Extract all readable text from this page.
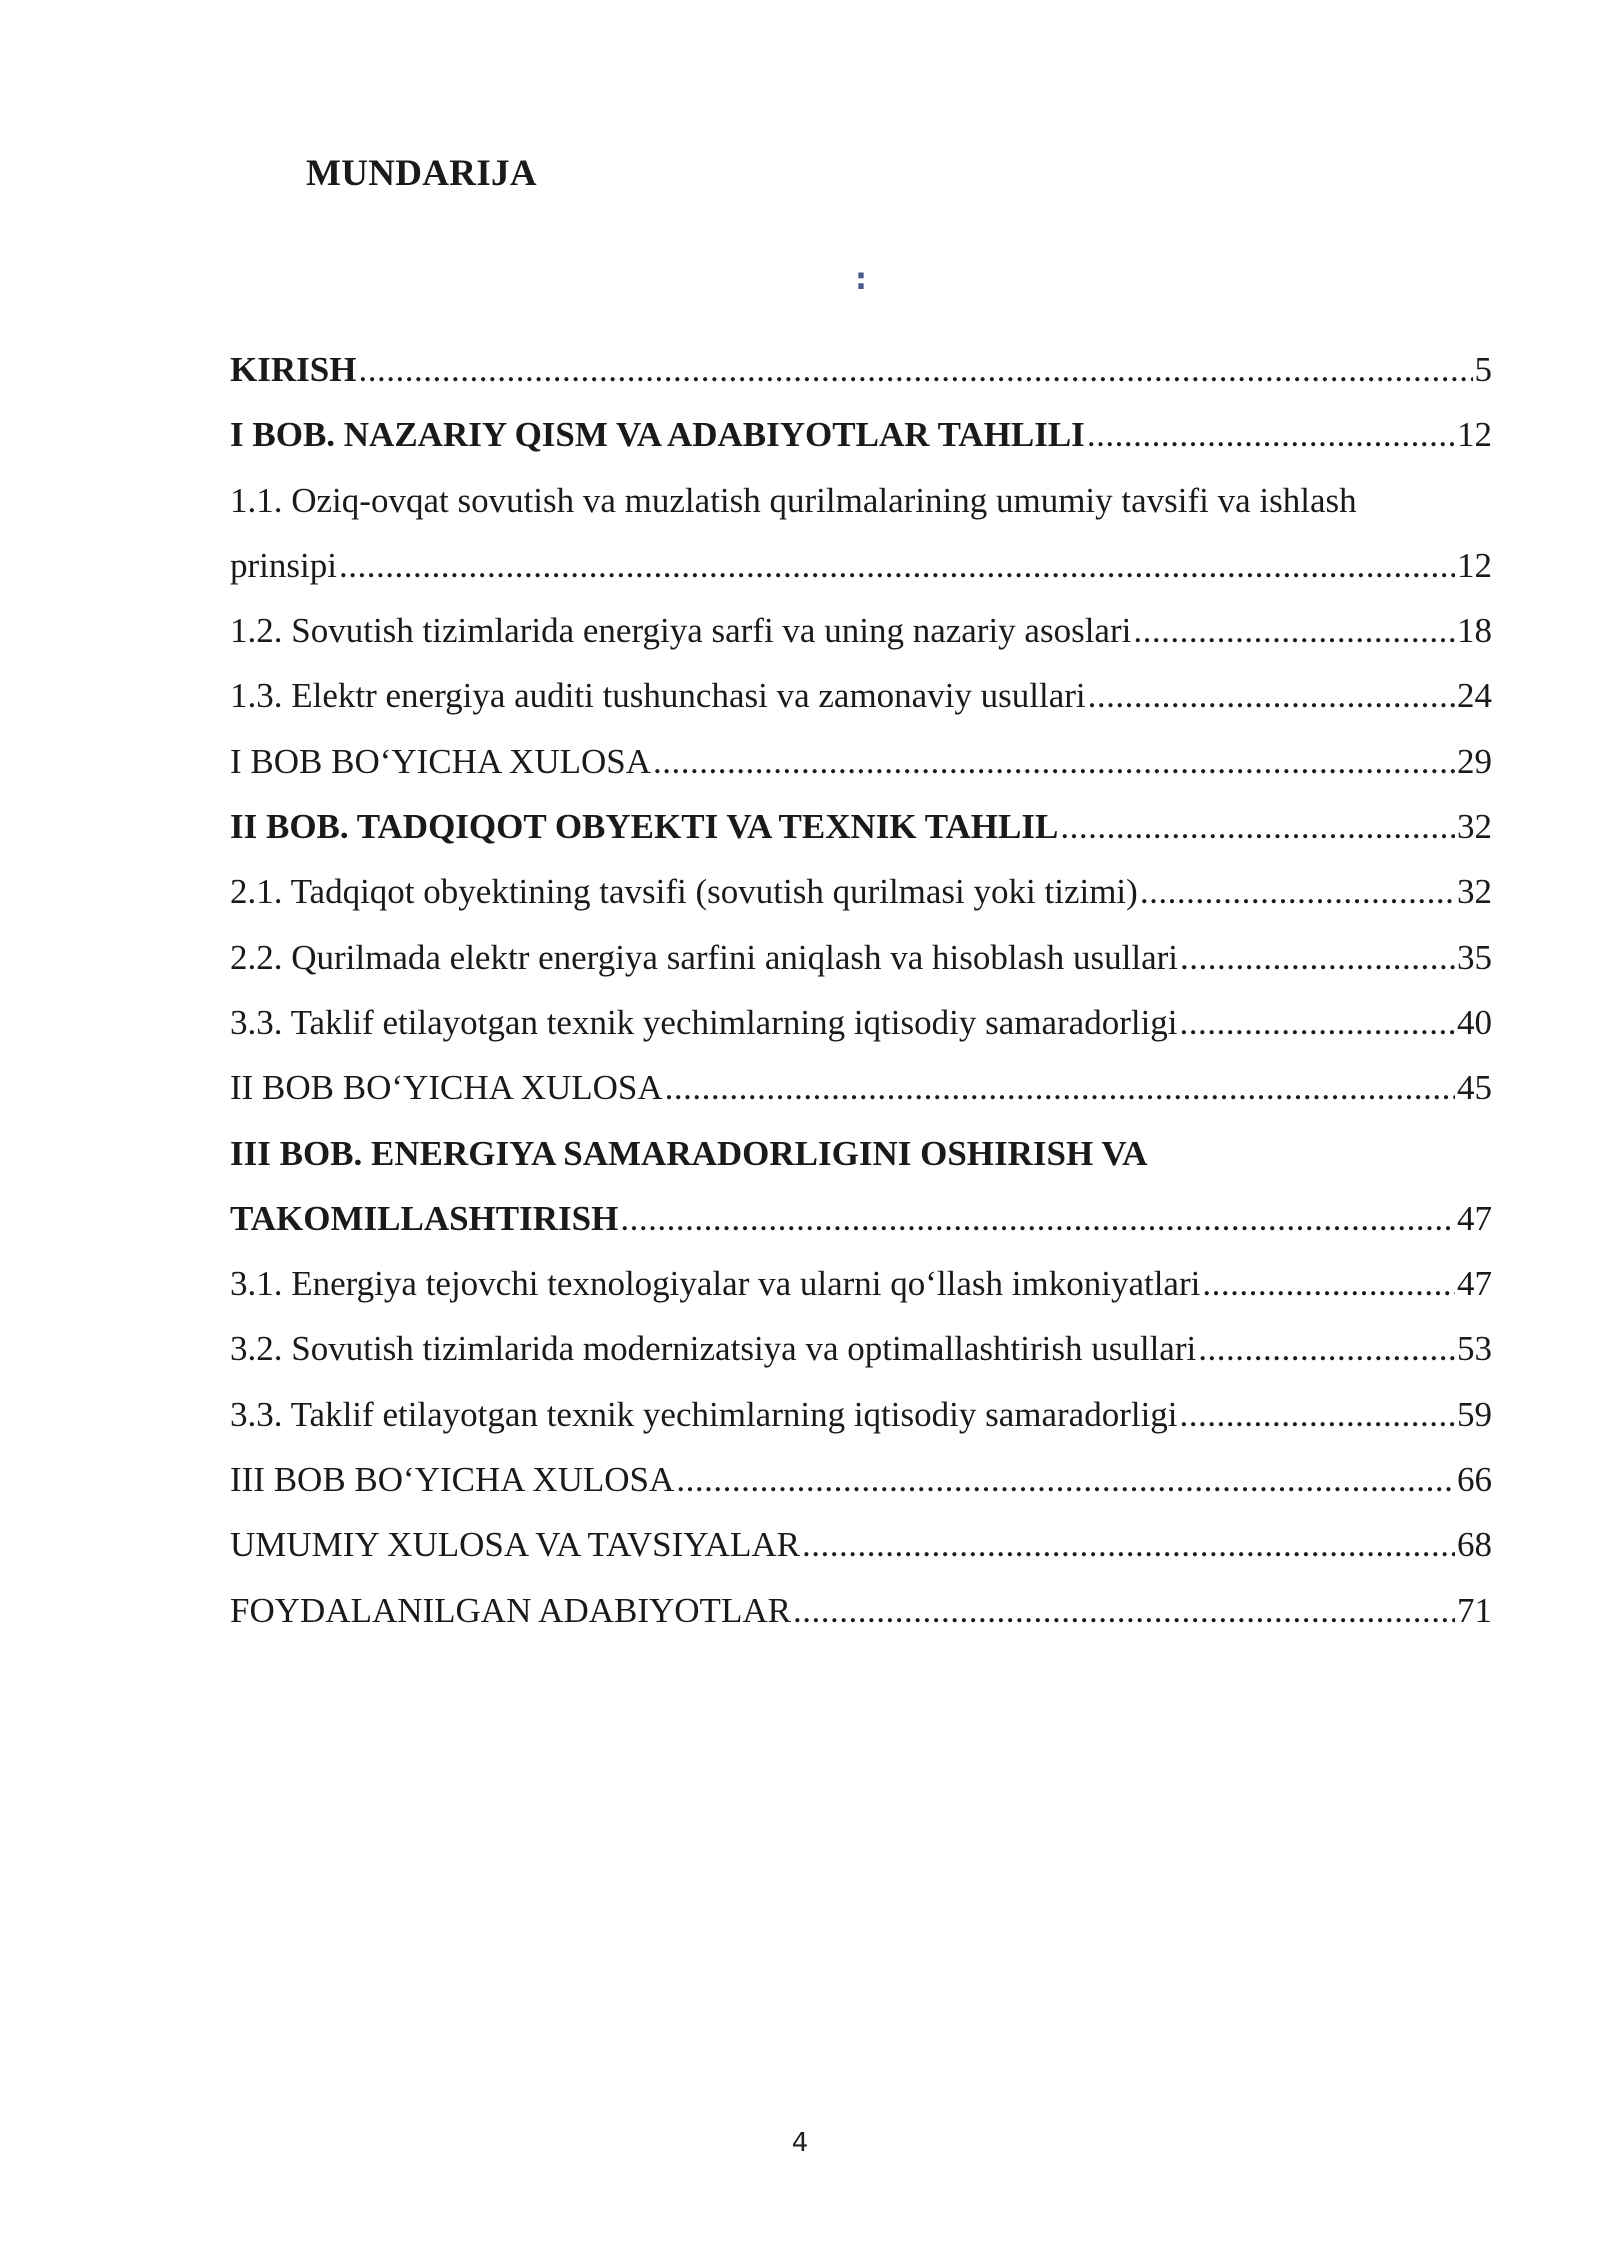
MUNDARIJA
:
KIRISH .....	5
I BOB. NAZARIY QISM VA ADABIYOTLAR TAHLILI .....	12
1.1. Oziq-ovqat sovutish va muzlatish qurilmalarining umumiy tavsifi va ishlash
prinsipi .....	12
1.2. Sovutish tizimlarida energiya sarfi va uning nazariy asoslari .....	18
1.3. Elektr energiya auditi tushunchasi va zamonaviy usullari .....	24
I BOB BO‘YICHA XULOSA .....	29
II BOB. TADQIQOT OBYEKTI VA TEXNIK TAHLIL .....	32
2.1. Tadqiqot obyektining tavsifi (sovutish qurilmasi yoki tizimi) .....	32
2.2. Qurilmada elektr energiya sarfini aniqlash va hisoblash usullari .....	35
3.3. Taklif etilayotgan texnik yechimlarning iqtisodiy samaradorligi .....	40
II BOB BO‘YICHA XULOSA .....	45
III BOB. ENERGIYA SAMARADORLIGINI OSHIRISH VA
TAKOMILLASHTIRISH .....	47
3.1. Energiya tejovchi texnologiyalar va ularni qo‘llash imkoniyatlari .....	47
3.2. Sovutish tizimlarida modernizatsiya va optimallashtirish usullari .....	53
3.3. Taklif etilayotgan texnik yechimlarning iqtisodiy samaradorligi .....	59
III BOB BO‘YICHA XULOSA .....	66
UMUMIY XULOSA VA TAVSIYALAR .....	68
FOYDALANILGAN ADABIYOTLAR .....	71
4
